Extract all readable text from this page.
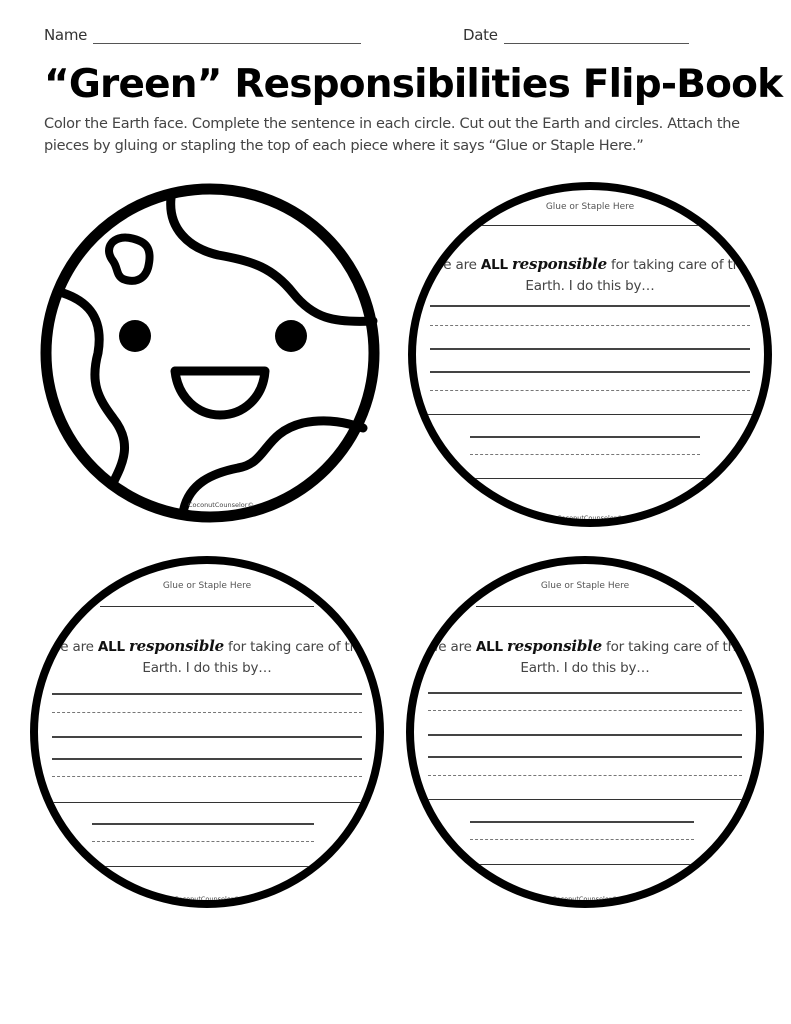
Name	Date
“Green” Responsibilities Flip-Book
Color the Earth face. Complete the sentence in each circle. Cut out the Earth and circles. Attach the pieces by gluing or stapling the top of each piece where it says “Glue or Staple Here.”
CoconutCounselor©
Glue or Staple Here
We are ALL responsible for taking care of the Earth. I do this by…
CoconutCounselor©
Glue or Staple Here
We are ALL responsible for taking care of the Earth. I do this by…
CoconutCounselor©
Glue or Staple Here
We are ALL responsible for taking care of the Earth. I do this by…
CoconutCounselor©
